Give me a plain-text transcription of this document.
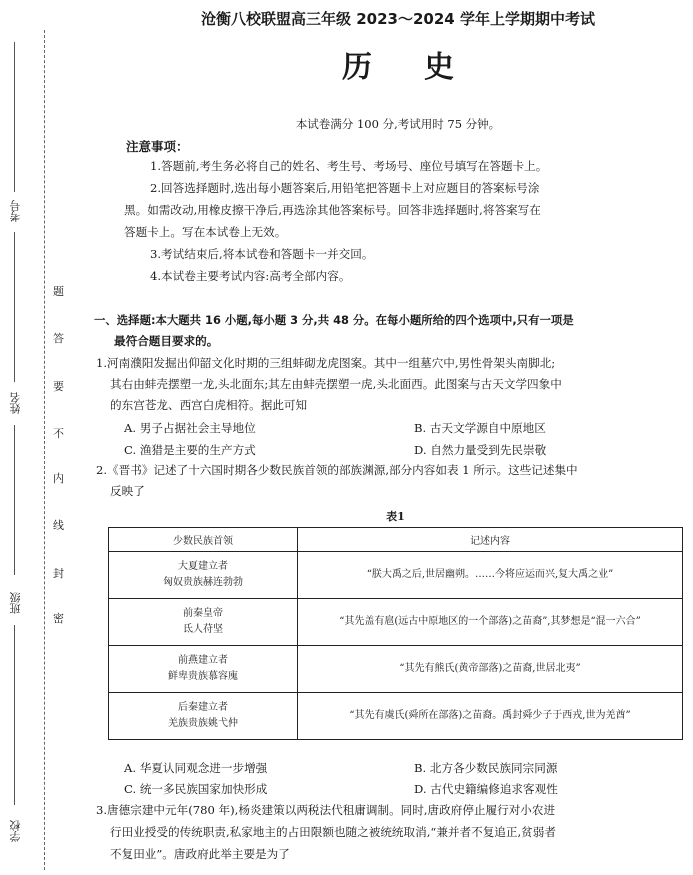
考号
姓名
班级
学校
题
答
要
不
内
线
封
密
沧衡八校联盟高三年级 2023～2024 学年上学期期中考试
历史
本试卷满分 100 分,考试用时 75 分钟。
注意事项：
1.答题前,考生务必将自己的姓名、考生号、考场号、座位号填写在答题卡上。
2.回答选择题时,选出每小题答案后,用铅笔把答题卡上对应题目的答案标号涂
黑。如需改动,用橡皮擦干净后,再选涂其他答案标号。回答非选择题时,将答案写在
答题卡上。写在本试卷上无效。
3.考试结束后,将本试卷和答题卡一并交回。
4.本试卷主要考试内容:高考全部内容。
一、选择题:本大题共 16 小题,每小题 3 分,共 48 分。在每小题所给的四个选项中,只有一项是
最符合题目要求的。
1.河南濮阳发掘出仰韶文化时期的三组蚌砌龙虎图案。其中一组墓穴中,男性骨架头南脚北;
其右由蚌壳摆塑一龙,头北面东;其左由蚌壳摆塑一虎,头北面西。此图案与古天文学四象中
的东宫苍龙、西宫白虎相符。据此可知
A. 男子占据社会主导地位	B. 古天文学源自中原地区
C. 渔猎是主要的生产方式	D. 自然力量受到先民崇敬
2.《晋书》记述了十六国时期各少数民族首领的部族渊源,部分内容如表 1 所示。这些记述集中
反映了
表1
少数民族首领	记述内容

大夏建立者
匈奴贵族赫连勃勃	“朕大禹之后,世居幽朔。……今将应运而兴,复大禹之业”

前秦皇帝
氐人苻坚	“其先盖有扈(远古中原地区的一个部落)之苗裔”,其梦想是“混一六合”

前燕建立者
鲜卑贵族慕容廆	“其先有熊氏(黄帝部落)之苗裔,世居北夷”

后秦建立者
羌族贵族姚弋仲	“其先有虞氏(舜所在部落)之苗裔。禹封舜少子于西戎,世为羌酋”
A. 华夏认同观念进一步增强	B. 北方各少数民族同宗同源
C. 统一多民族国家加快形成	D. 古代史籍编修追求客观性
3.唐德宗建中元年(780 年),杨炎建策以两税法代租庸调制。同时,唐政府停止履行对小农进
行田业授受的传统职责,私家地主的占田限额也随之被统统取消,“兼并者不复追正,贫弱者
不复田业”。唐政府此举主要是为了
